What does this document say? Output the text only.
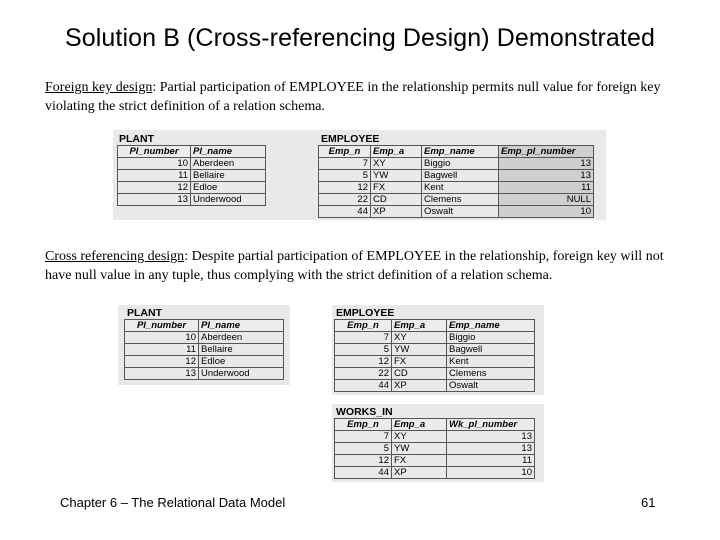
Solution B (Cross-referencing Design) Demonstrated
Foreign key design: Partial participation of EMPLOYEE in the relationship permits null value for foreign key violating the strict definition of a relation schema.
PLANT
Pl_number	Pl_name
10	Aberdeen
11	Bellaire
12	Edloe
13	Underwood
EMPLOYEE
Emp_n	Emp_a	Emp_name	Emp_pl_number
7	XY	Biggio	13
5	YW	Bagwell	13
12	FX	Kent	11
22	CD	Clemens	NULL
44	XP	Oswalt	10
Cross referencing design: Despite partial participation of EMPLOYEE in the relationship, foreign key will not have null value in any tuple, thus complying with the strict definition of a relation schema.
PLANT
Pl_number	Pl_name
10	Aberdeen
11	Bellaire
12	Edloe
13	Underwood
EMPLOYEE
Emp_n	Emp_a	Emp_name
7	XY	Biggio
5	YW	Bagwell
12	FX	Kent
22	CD	Clemens
44	XP	Oswalt
WORKS_IN
Emp_n	Emp_a	Wk_pl_number
7	XY	13
5	YW	13
12	FX	11
44	XP	10
Chapter 6 – The Relational Data Model	61
